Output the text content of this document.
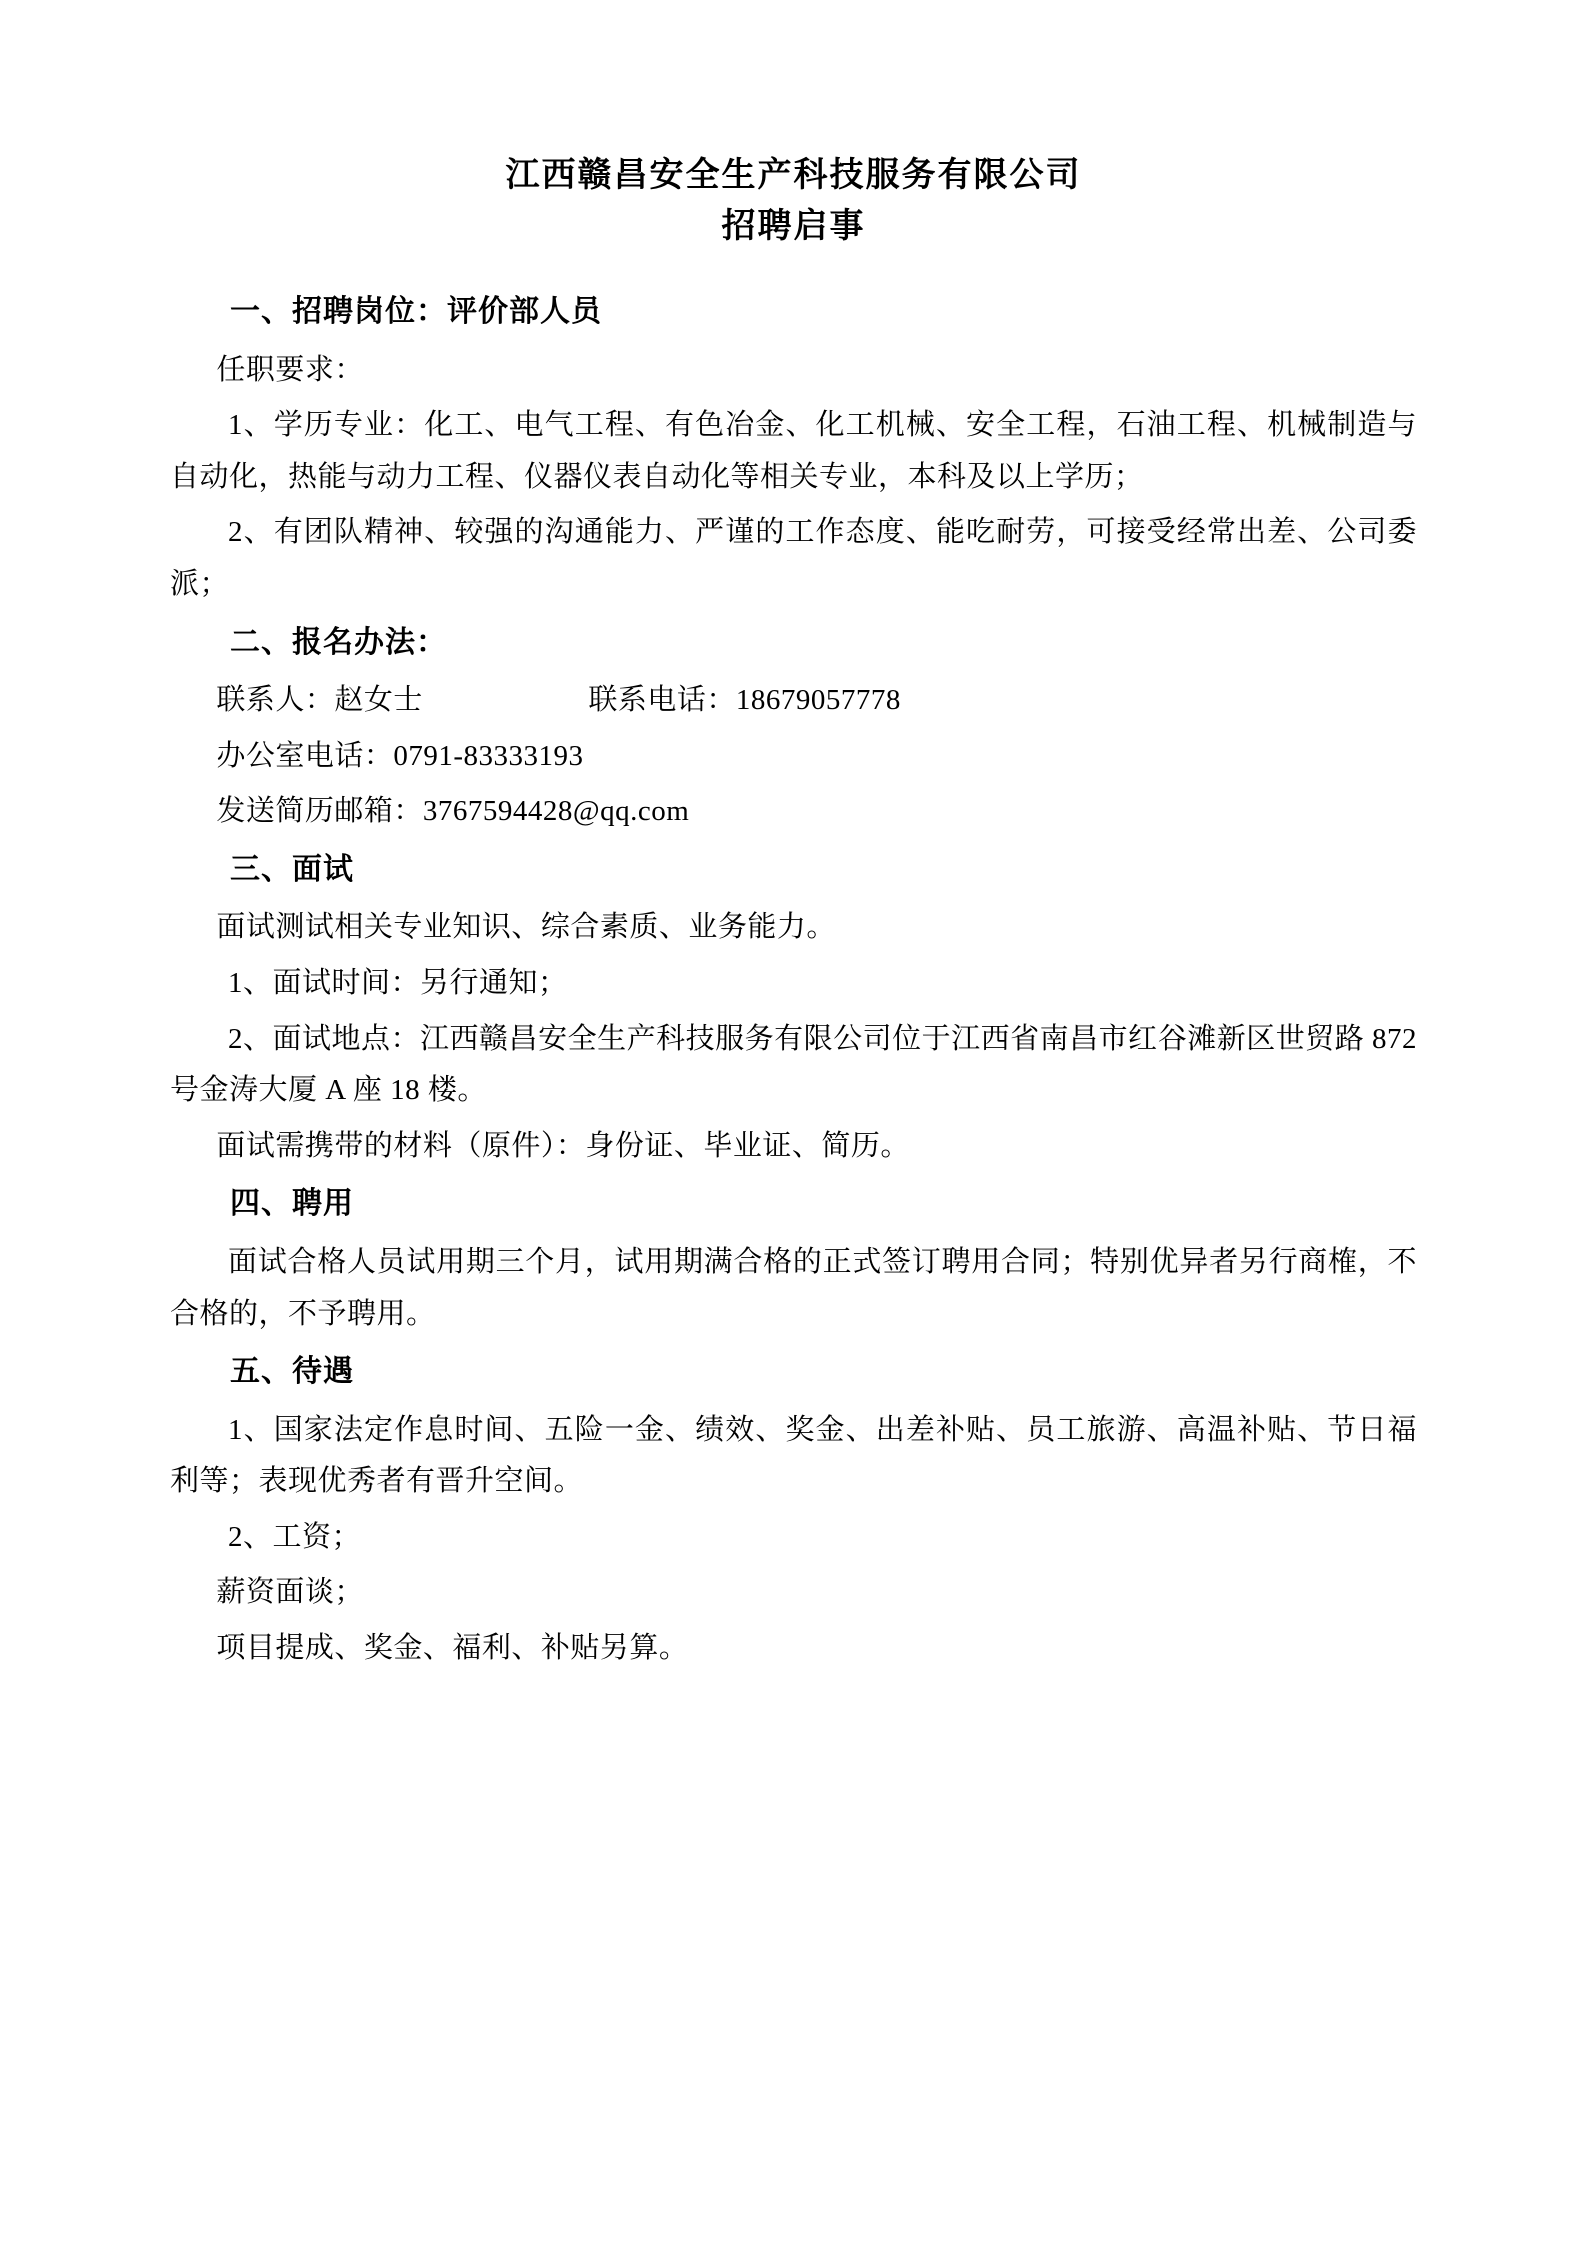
江西赣昌安全生产科技服务有限公司
招聘启事
一、招聘岗位：评价部人员
任职要求：
1、学历专业：化工、电气工程、有色冶金、化工机械、安全工程，石油工程、机械制造与自动化，热能与动力工程、仪器仪表自动化等相关专业，本科及以上学历；
2、有团队精神、较强的沟通能力、严谨的工作态度、能吃耐劳，可接受经常出差、公司委派；
二、报名办法：
联系人：赵女士	联系电话：18679057778
办公室电话：0791-83333193
发送简历邮箱：3767594428@qq.com
三、面试
面试测试相关专业知识、综合素质、业务能力。
1、面试时间：另行通知；
2、面试地点：江西赣昌安全生产科技服务有限公司位于江西省南昌市红谷滩新区世贸路 872 号金涛大厦 A 座 18 楼。
面试需携带的材料（原件）：身份证、毕业证、简历。
四、聘用
面试合格人员试用期三个月，试用期满合格的正式签订聘用合同；特别优异者另行商榷，不合格的，不予聘用。
五、待遇
1、国家法定作息时间、五险一金、绩效、奖金、出差补贴、员工旅游、高温补贴、节日福利等；表现优秀者有晋升空间。
2、工资；
薪资面谈；
项目提成、奖金、福利、补贴另算。
